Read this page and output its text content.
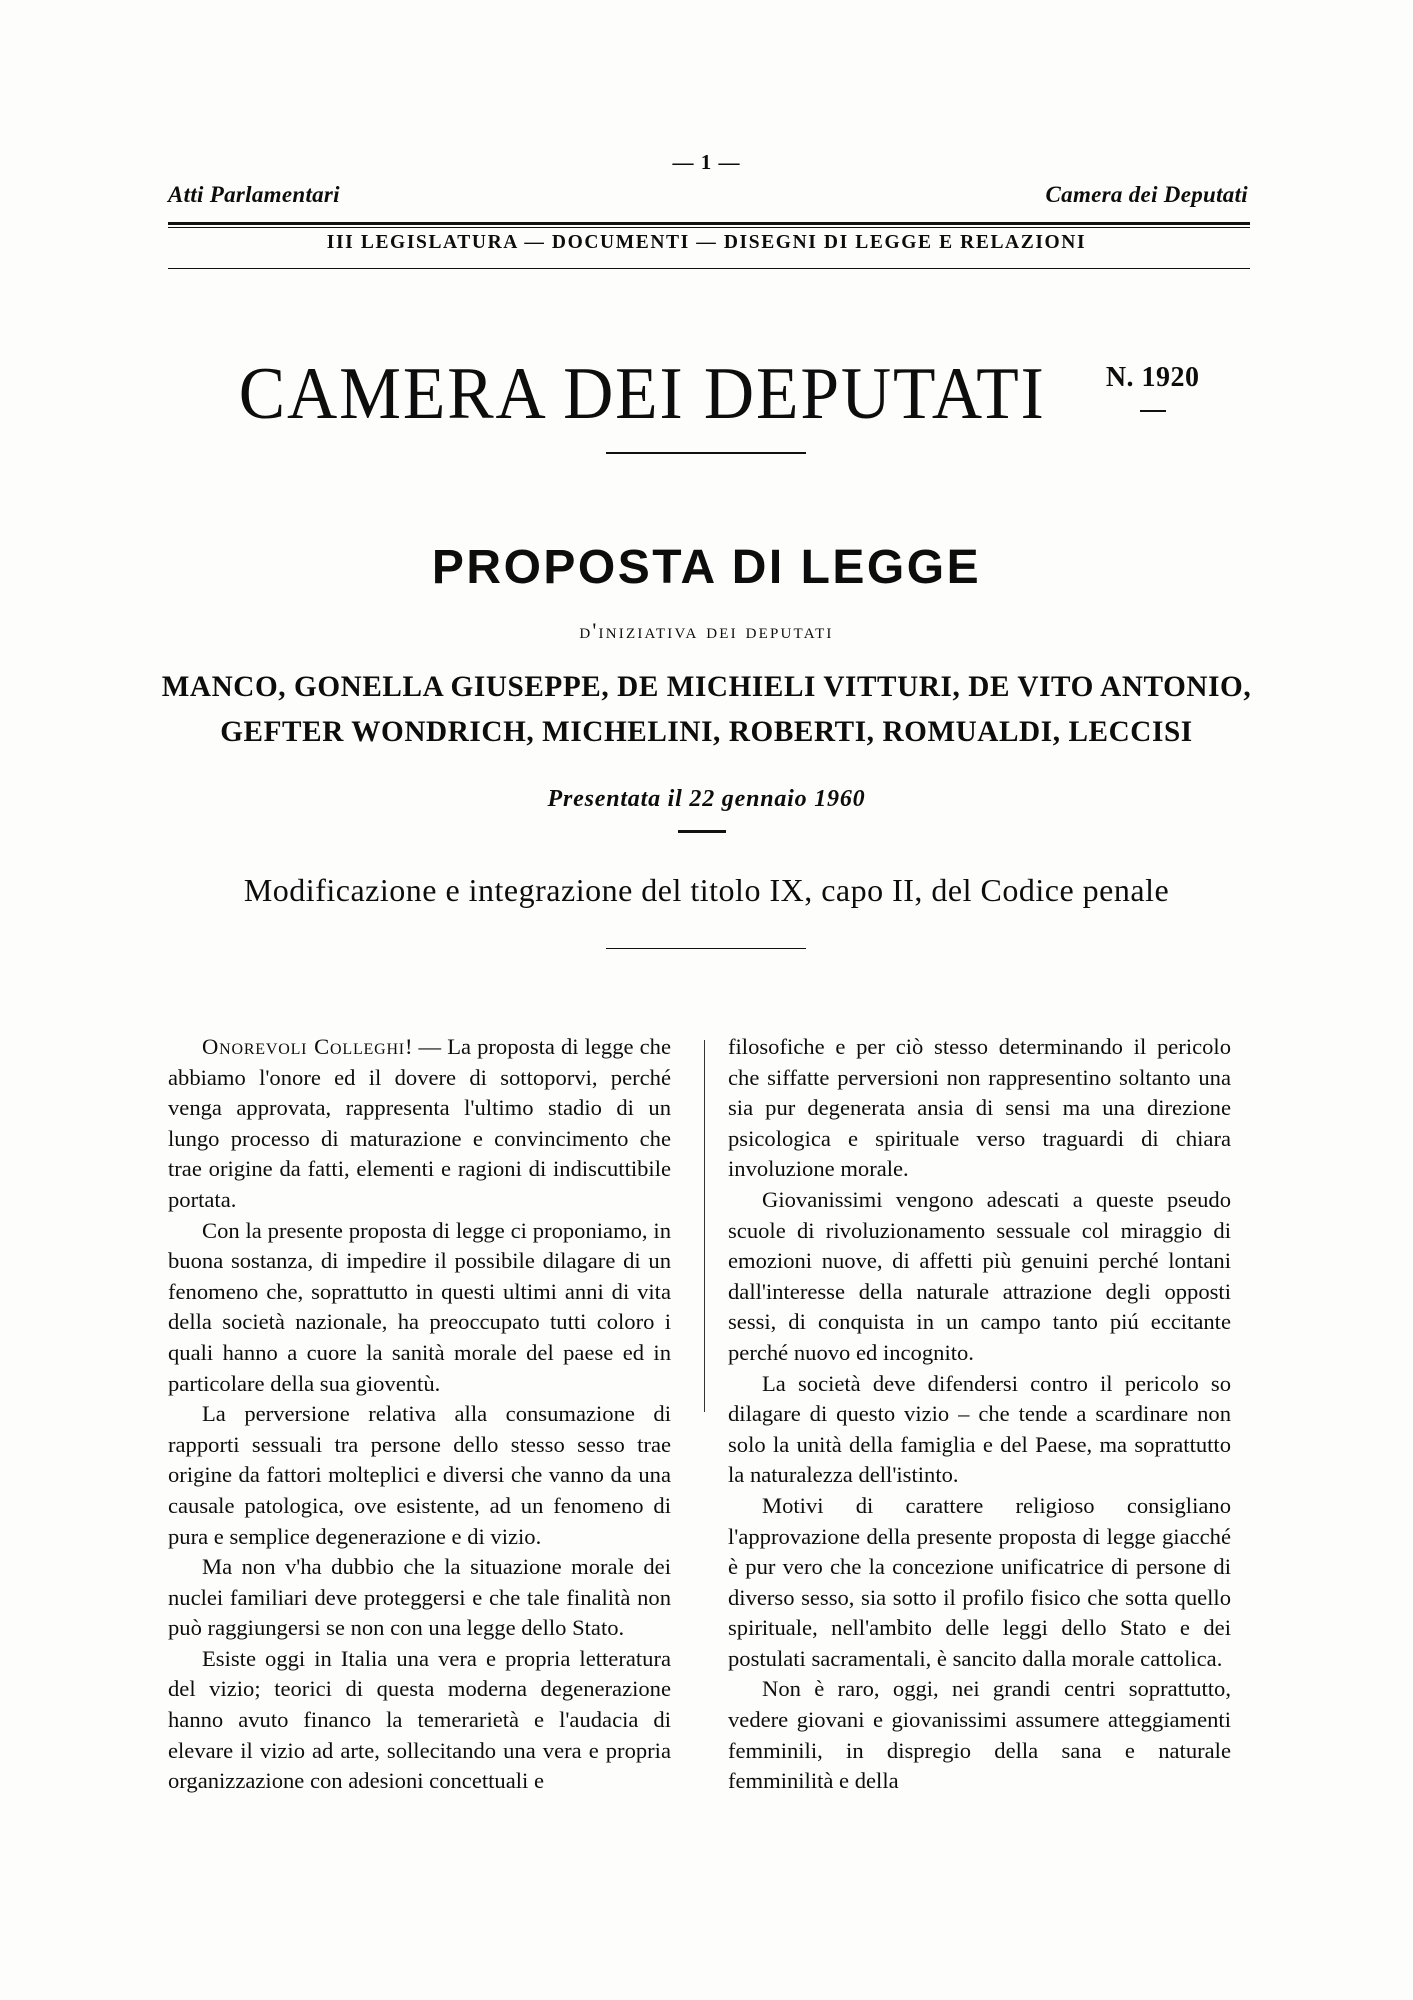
— 1 —
Atti Parlamentari	Camera dei Deputati
III LEGISLATURA — DOCUMENTI — DISEGNI DI LEGGE E RELAZIONI
CAMERA DEI DEPUTATI N. 1920
PROPOSTA DI LEGGE
d'iniziativa dei deputati
MANCO, GONELLA GIUSEPPE, DE MICHIELI VITTURI, DE VITO ANTONIO,
GEFTER WONDRICH, MICHELINI, ROBERTI, ROMUALDI, LECCISI
Presentata il 22 gennaio 1960
Modificazione e integrazione del titolo IX, capo II, del Codice penale

Onorevoli Colleghi! — La proposta di legge che abbiamo l'onore ed il dovere di sottoporvi, perché venga approvata, rappresenta l'ultimo stadio di un lungo processo di maturazione e convincimento che trae origine da fatti, elementi e ragioni di indiscuttibile portata.

Con la presente proposta di legge ci proponiamo, in buona sostanza, di impedire il possibile dilagare di un fenomeno che, soprattutto in questi ultimi anni di vita della società nazionale, ha preoccupato tutti coloro i quali hanno a cuore la sanità morale del paese ed in particolare della sua gioventù.

La perversione relativa alla consumazione di rapporti sessuali tra persone dello stesso sesso trae origine da fattori molteplici e diversi che vanno da una causale patologica, ove esistente, ad un fenomeno di pura e semplice degenerazione e di vizio.

Ma non v'ha dubbio che la situazione morale dei nuclei familiari deve proteggersi e che tale finalità non può raggiungersi se non con una legge dello Stato.

Esiste oggi in Italia una vera e propria letteratura del vizio; teorici di questa moderna degenerazione hanno avuto financo la temerarietà e l'audacia di elevare il vizio ad arte, sollecitando una vera e propria organizzazione con adesioni concettuali e

filosofiche e per ciò stesso determinando il pericolo che siffatte perversioni non rappresentino soltanto una sia pur degenerata ansia di sensi ma una direzione psicologica e spirituale verso traguardi di chiara involuzione morale.

Giovanissimi vengono adescati a queste pseudo scuole di rivoluzionamento sessuale col miraggio di emozioni nuove, di affetti più genuini perché lontani dall'interesse della naturale attrazione degli opposti sessi, di conquista in un campo tanto piú eccitante perché nuovo ed incognito.

La società deve difendersi contro il pericolo so dilagare di questo vizio – che tende a scardinare non solo la unità della famiglia e del Paese, ma soprattutto la naturalezza dell'istinto.

Motivi di carattere religioso consigliano l'approvazione della presente proposta di legge giacché è pur vero che la concezione unificatrice di persone di diverso sesso, sia sotto il profilo fisico che sotta quello spirituale, nell'ambito delle leggi dello Stato e dei postulati sacramentali, è sancito dalla morale cattolica.

Non è raro, oggi, nei grandi centri soprattutto, vedere giovani e giovanissimi assumere atteggiamenti femminili, in dispregio della sana e naturale femminilità e della
